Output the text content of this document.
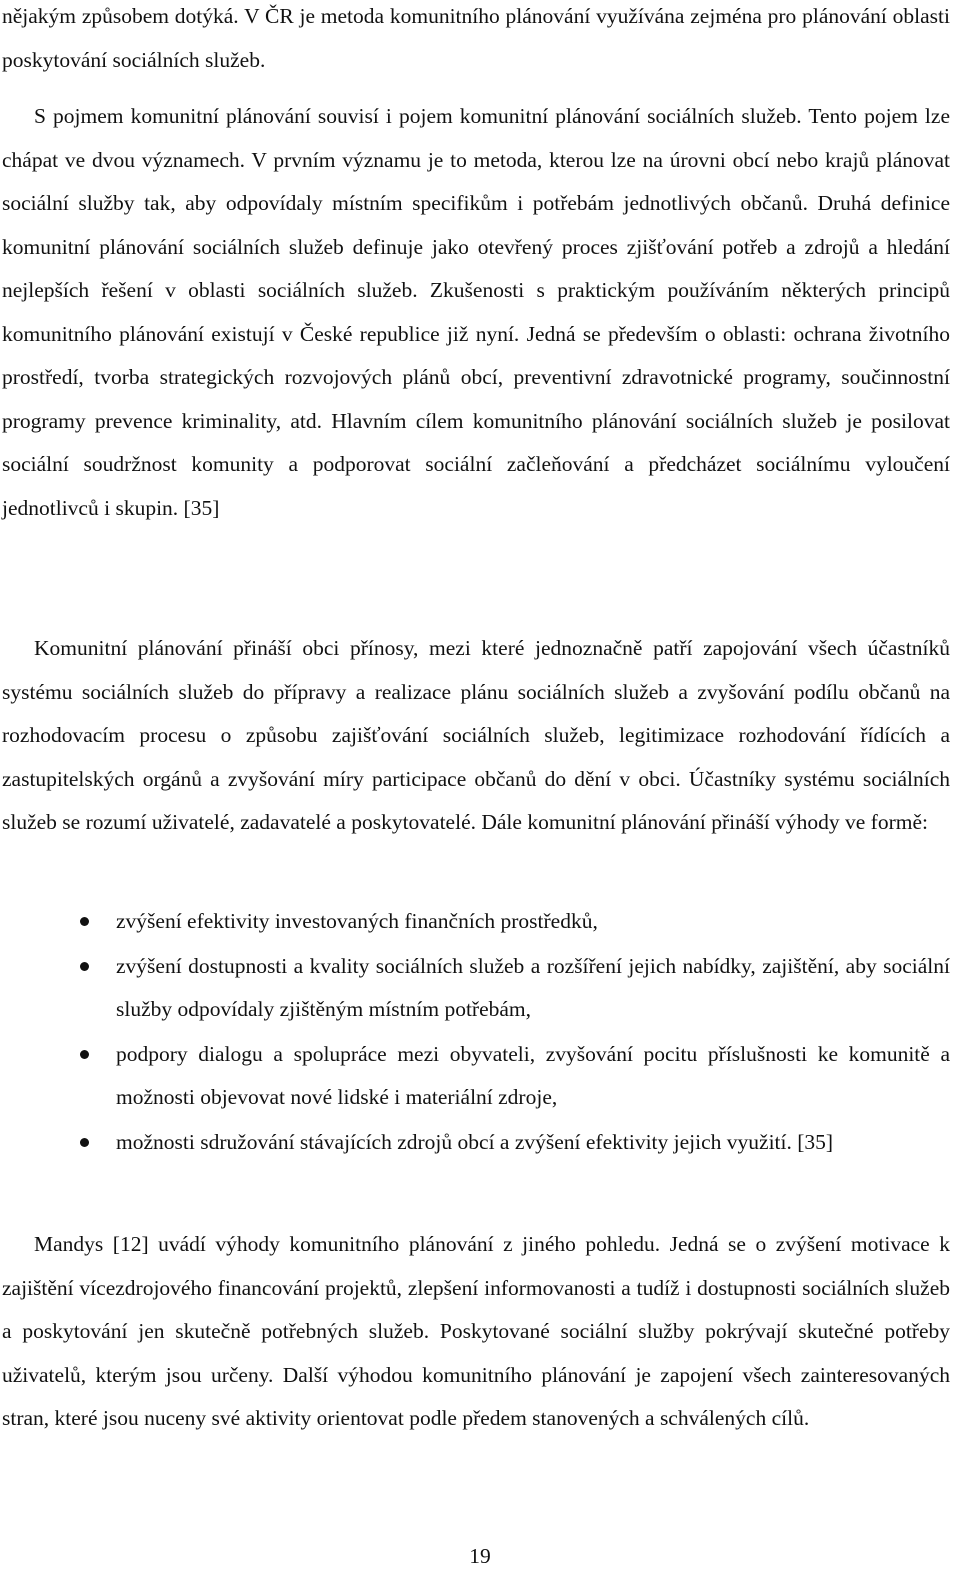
nějakým způsobem dotýká. V ČR je metoda komunitního plánování využívána zejména pro plánování oblasti poskytování sociálních služeb.

S pojmem komunitní plánování souvisí i pojem komunitní plánování sociálních služeb. Tento pojem lze chápat ve dvou významech. V prvním významu je to metoda, kterou lze na úrovni obcí nebo krajů plánovat sociální služby tak, aby odpovídaly místním specifikům i potřebám jednotlivých občanů. Druhá definice komunitní plánování sociálních služeb definuje jako otevřený proces zjišťování potřeb a zdrojů a hledání nejlepších řešení v oblasti sociálních služeb. Zkušenosti s praktickým používáním některých principů komunitního plánování existují v České republice již nyní. Jedná se především o oblasti: ochrana životního prostředí, tvorba strategických rozvojových plánů obcí, preventivní zdravotnické programy, součinnostní programy prevence kriminality, atd. Hlavním cílem komunitního plánování sociálních služeb je posilovat sociální soudržnost komunity a podporovat sociální začleňování a předcházet sociálnímu vyloučení jednotlivců i skupin. [35]

Komunitní plánování přináší obci přínosy, mezi které jednoznačně patří zapojování všech účastníků systému sociálních služeb do přípravy a realizace plánu sociálních služeb a zvyšování podílu občanů na rozhodovacím procesu o způsobu zajišťování sociálních služeb, legitimizace rozhodování řídících a zastupitelských orgánů a zvyšování míry participace občanů do dění v obci. Účastníky systému sociálních služeb se rozumí uživatelé, zadavatelé a poskytovatelé. Dále komunitní plánování přináší výhody ve formě:

zvýšení efektivity investovaných finančních prostředků,
zvýšení dostupnosti a kvality sociálních služeb a rozšíření jejich nabídky, zajištění, aby sociální služby odpovídaly zjištěným místním potřebám,
podpory dialogu a spolupráce mezi obyvateli, zvyšování pocitu příslušnosti ke komunitě a možnosti objevovat nové lidské i materiální zdroje,
možnosti sdružování stávajících zdrojů obcí a zvýšení efektivity jejich využití. [35]

Mandys [12] uvádí výhody komunitního plánování z jiného pohledu. Jedná se o zvýšení motivace k zajištění vícezdrojového financování projektů, zlepšení informovanosti a tudíž i dostupnosti sociálních služeb a poskytování jen skutečně potřebných služeb. Poskytované sociální služby pokrývají skutečné potřeby uživatelů, kterým jsou určeny. Další výhodou komunitního plánování je zapojení všech zainteresovaných stran, které jsou nuceny své aktivity orientovat podle předem stanovených a schválených cílů.

19
